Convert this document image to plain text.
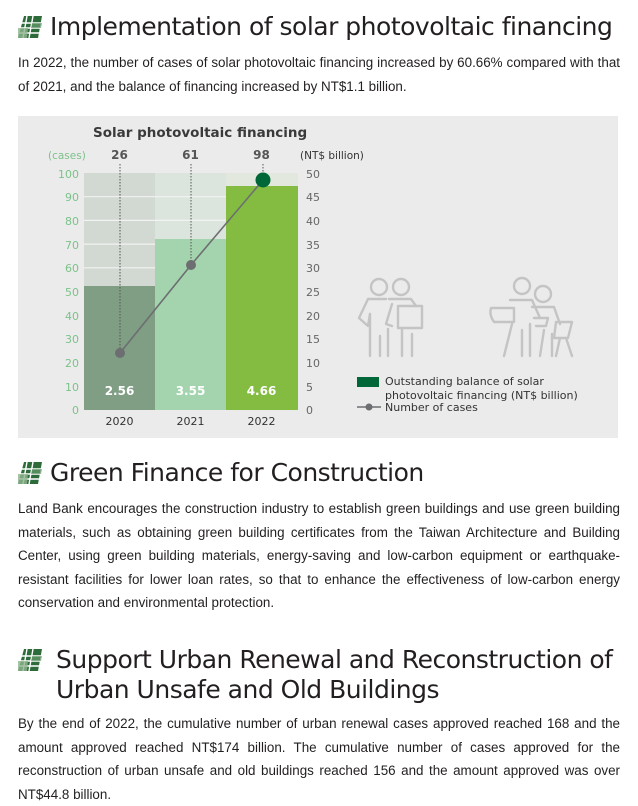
Implementation of solar photovoltaic financing
In 2022, the number of cases of solar photovoltaic financing increased by 60.66% compared with that of 2021, and the balance of financing increased by NT$1.1 billion.
Solar photovoltaic financing
(cases)	(NT$ billion)
26	61	98
100
90
80
70
60
50
40
30
20
10
0
50
45
40
35
30
25
20
15
10
5
0
2.56	3.55	4.66
2020	2021	2022
Outstanding balance of solar photovoltaic financing (NT$ billion)
Number of cases
Green Finance for Construction
Land Bank encourages the construction industry to establish green buildings and use green building materials, such as obtaining green building certificates from the Taiwan Architecture and Building Center, using green building materials, energy-saving and low-carbon equipment or earthquake-resistant facilities for lower loan rates, so that to enhance the effectiveness of low-carbon energy conservation and environmental protection.
Support Urban Renewal and Reconstruction of
Urban Unsafe and Old Buildings
By the end of 2022, the cumulative number of urban renewal cases approved reached 168 and the amount approved reached NT$174 billion. The cumulative number of cases approved for the reconstruction of urban unsafe and old buildings reached 156 and the amount approved was over NT$44.8 billion.
